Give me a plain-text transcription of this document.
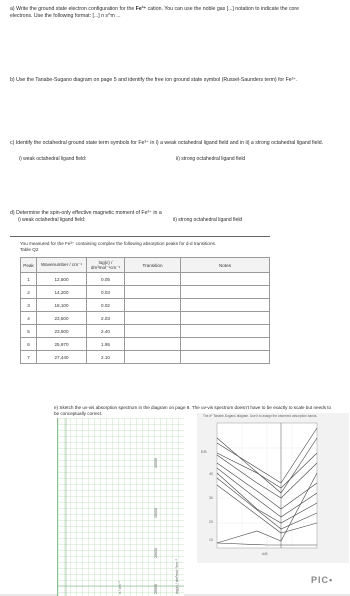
a) Write the ground state electron configuration for the Fe³⁺ cation. You can use the noble gas [...] notation to indicate the core electrons. Use the following format: [...] n s^m ...
b) Use the Tanabe-Sugano diagram on page 5 and identify the free ion ground state symbol (Russel-Saunders term) for Fe³⁺.
c) Identify the octahedral ground state term symbols for Fe³⁺ in i) a weak octahedral ligand field and in ii) a strong octahedral ligand field.
i) weak octahedral ligand field:	ii) strong octahedral ligand field
d) Determine the spin-only effective magnetic moment of Fe³⁺ in a
i) weak octahedral ligand field:	ii) strong octahedral ligand field
You measured for the Fe³⁺ containing complex the following absorption peaks for d-d transitions.
Table Q2
Peak	Wavenumber / cm⁻¹	log(ε) / dm³mol⁻¹cm⁻¹	Transition	Notes
1	12,500	0.05		
2	14,200	0.03		
3	18,100	0.02		
4	23,500	2.03		
5	23,500	2.40		
6	25,970	1.95		
7	27,440	2.10		
e) Sketch the uv-vis absorption spectrum in the diagram on page 8. The uv-vis spectrum doesn't have to be exactly to scale but needs to be conceptually correct.
10000
15000
20000
25000
ν / cm⁻¹	log(ε) / dm³mol⁻¹cm⁻¹
The d⁵ Tanabe-Sugano diagram. Use it to assign the observed absorption bands.
E/B
40
30
20
10
Δ/B
PIC•
